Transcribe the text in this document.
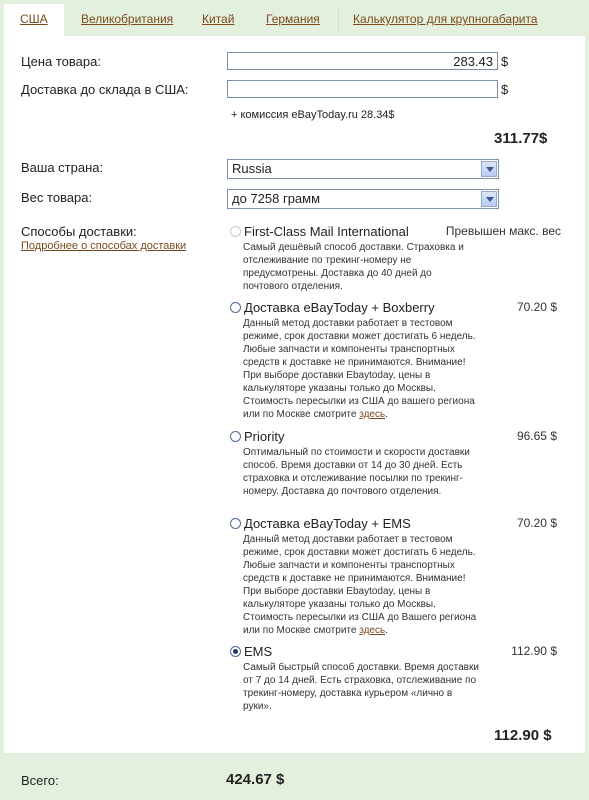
США	Великобритания Китай	Германия	Калькулятор для крупногабарита
Цена товара:
283.43	$
Доставка до склада в США:	$
+ комиссия eBayToday.ru 28.34$
311.77$
Ваша страна:	Russia
Вес товара:	до 7258 грамм
Способы доставки:
Подробнее о способах доставки
First-Class Mail International	Превышен макс. вес
Самый дешёвый способ доставки. Страховка и отслеживание по трекинг-номеру не предусмотрены. Доставка до 40 дней до почтового отделения.
Доставка eBayToday + Boxberry	70.20 $
Данный метод доставки работает в тестовом режиме, срок доставки может достигать 6 недель. Любые запчасти и компоненты транспортных средств к доставке не принимаются. Внимание! При выборе доставки Ebaytoday, цены в калькуляторе указаны только до Москвы. Стоимость пересылки из США до вашего региона или по Москве смотрите здесь.
Priority	96.65 $
Оптимальный по стоимости и скорости доставки способ. Время доставки от 14 до 30 дней. Есть страховка и отслеживание посылки по трекинг-номеру. Доставка до почтового отделения.
Доставка eBayToday + EMS	70.20 $
Данный метод доставки работает в тестовом режиме, срок доставки может достигать 6 недель. Любые запчасти и компоненты транспортных средств к доставке не принимаются. Внимание! При выборе доставки Ebaytoday, цены в калькуляторе указаны только до Москвы. Стоимость пересылки из США до Вашего региона или по Москве смотрите здесь.
EMS	112.90 $
Самый быстрый способ доставки. Время доставки от 7 до 14 дней. Есть страховка, отслеживание по трекинг-номеру, доставка курьером «лично в руки».
112.90 $
Всего:	424.67 $
